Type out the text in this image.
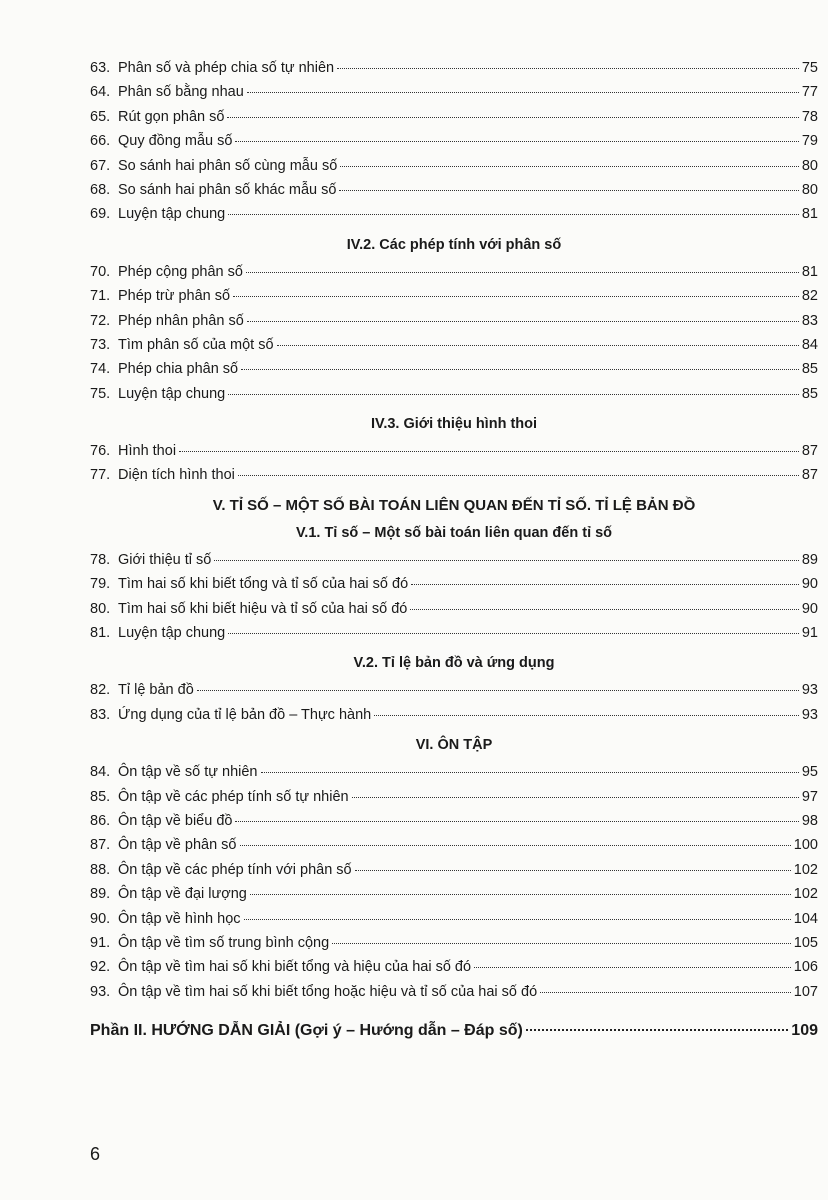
63. Phân số và phép chia số tự nhiên	75
64. Phân số bằng nhau	77
65. Rút gọn phân số	78
66. Quy đồng mẫu số	79
67. So sánh hai phân số cùng mẫu số	80
68. So sánh hai phân số khác mẫu số	80
69. Luyện tập chung	81
IV.2. Các phép tính với phân số
70. Phép cộng phân số	81
71. Phép trừ phân số	82
72. Phép nhân phân số	83
73. Tìm phân số của một số	84
74. Phép chia phân số	85
75. Luyện tập chung	85
IV.3. Giới thiệu hình thoi
76. Hình thoi	87
77. Diện tích hình thoi	87
V. TỈ SỐ – MỘT SỐ BÀI TOÁN LIÊN QUAN ĐẾN TỈ SỐ. TỈ LỆ BẢN ĐỒ
V.1. Tỉ số – Một số bài toán liên quan đến tỉ số
78. Giới thiệu tỉ số	89
79. Tìm hai số khi biết tổng và tỉ số của hai số đó	90
80. Tìm hai số khi biết hiệu và tỉ số của hai số đó	90
81. Luyện tập chung	91
V.2. Tỉ lệ bản đồ và ứng dụng
82. Tỉ lệ bản đồ	93
83. Ứng dụng của tỉ lệ bản đồ – Thực hành	93
VI. ÔN TẬP
84. Ôn tập về số tự nhiên	95
85. Ôn tập về các phép tính số tự nhiên	97
86. Ôn tập về biểu đồ	98
87. Ôn tập về phân số	100
88. Ôn tập về các phép tính với phân số	102
89. Ôn tập về đại lượng	102
90. Ôn tập về hình học	104
91. Ôn tập về tìm số trung bình cộng	105
92. Ôn tập về tìm hai số khi biết tổng và hiệu của hai số đó	106
93. Ôn tập về tìm hai số khi biết tổng hoặc hiệu và tỉ số của hai số đó	107
Phần II. HƯỚNG DẪN GIẢI (Gợi ý – Hướng dẫn – Đáp số)	109
6
